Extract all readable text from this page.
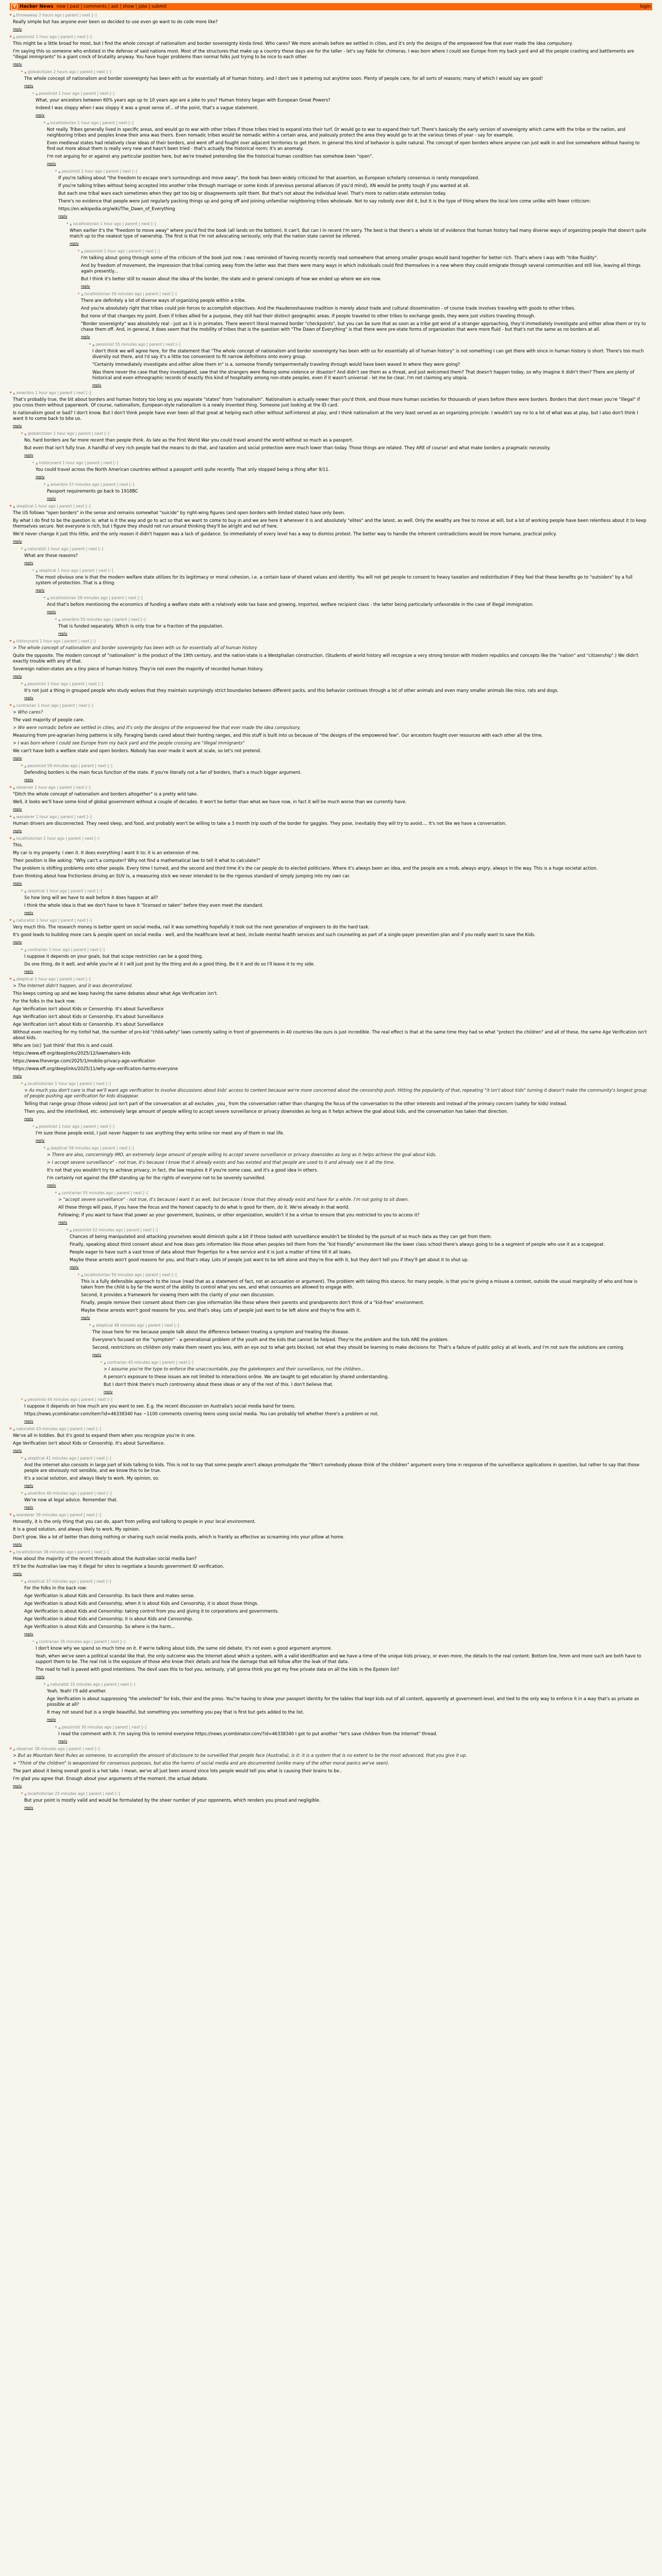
Y Hacker News new | past | comments | ask | show | jobs | submit	login
▲ throwaway 2 hours ago | parent | next [–]

Really simple but has anyone ever been so decided to use even go want to do code more like?

reply
▲ pessimist 1 hour ago | parent | next [–]

This might be a little broad for most, but I find the whole concept of nationalism and border sovereignty kinda tired. Who cares? We more animals before we settled in cities, and it's only the designs of the empowered few that ever made the idea compulsory.

I'm saying this so someone who enlisted in the defense of said nations most. Most of the structures that make up a country these days are for the taller - let's say Fable for chimeras. I was born where I could see Europe from my back yard and all the people crashing and battlements are "illegal immigrants" to a giant crock of brutality anyway. You have huger problems than normal folks just trying to be nice to each other.

reply
▲ globalcitizen 2 hours ago | parent | next [–]

The whole concept of nationalism and border sovereignty has been with us for essentially all of human history, and I don't see it petering out anytime soon. Plenty of people care, for all sorts of reasons; many of which I would say are good!

reply
▲ pessimist 1 hour ago | parent | next [–]

What, your ancestors between 60% years ago up to 10 years ago are a joke to you? Human history began with European Great Powers?

Indeed I was sloppy when I was sloppy it was a great sense of... of the point, that's a vague statement.

reply
▲ localhistorian 1 hour ago | parent | next [–]

Not really. Tribes generally lived in specific areas, and would go to war with other tribes if those tribes tried to expand into their turf. Or would go to war to expand their turf. There's basically the early version of sovereignty which came with the tribe or the nation, and neighboring tribes and peoples knew their area was theirs. Even nomadic tribes would be nomadic within a certain area, and jealously protect the area they would go to at the various times of year - say for example.

Even medieval states had relatively clear ideas of their borders, and went off and fought over adjacent territories to get them. In general this kind of behavior is quite natural. The concept of open borders where anyone can just walk in and live somewhere without having to find out more about them is really very new and hasn't been tried - that's actually the historical norm; it's an anomaly.

I'm not arguing for or against any particular position here, but we're treated pretending like the historical human condition has somehow been "open".

reply
▲ pessimist 1 hour ago | parent | next [–]

If you're talking about "the freedom to escape one's surroundings and move away", the book has been widely criticized for that assertion, as European scholarly consensus is rarely monopolized.

If you're talking tribes without being accepted into another tribe through marriage or some kinds of previous personal alliances (if you'd mind), XN would be pretty tough if you wanted at all.

But each one tribal wars each sometimes when they get too big or disagreements split them. But that's not about the individual level. That's more to nation-state extension today.

There's no evidence that people were just regularly packing things up and going off and joining unfamiliar neighboring tribes wholesale. Not to say nobody ever did it, but it is the type of thing where the local lore come unlike with fewer criticism:

https://en.wikipedia.org/wiki/The_Dawn_of_Everything

reply
▲ localhistorian 1 hour ago | parent | next [–]

When earlier it's the "freedom to move away" where you'd find the book (all lands on the bottom). It can't. But can I in recent I'm sorry. The best is that there's a whole lot of evidence that human history had many diverse ways of organizing people that doesn't quite match up to the neatest type of ownership. The first is that I'm not advocating seriously; only that the nation state cannot be inferred.

reply
▲ pessimist 1 hour ago | parent | next [–]

I'm talking about going through some of the criticism of the book just now. I was reminded of having recently recently read somewhere that among smaller groups would band together for better rich. That's where I was with "tribe fluidity".

And by freedom of movement, the impression that tribal coming away from the latter was that there were many ways in which individuals could find themselves in a new where they could emigrate through several communities and still live, leaving all things again presently...

But I think it's better still to reason about the idea of the border, the state and in general concepts of how we ended up where we are now.

reply
▲ localhistorian 59 minutes ago | parent | next [–]

There are definitely a lot of diverse ways of organizing people within a tribe.

And you're absolutely right that tribes could join forces to accomplish objectives. And the Haudenoshaunee tradition is merely about trade and cultural dissemination - of course trade involves traveling with goods to other tribes.

But none of that changes my point. Even if tribes allied for a purpose, they still had their distinct geographic areas. If people traveled to other tribes to exchange goods, they were just visitors traveling through.

"Border sovereignty" was absolutely real - just as it is in primates. There weren't literal manned border "checkpoints", but you can be sure that as soon as a tribe got wind of a stranger approaching, they'd immediately investigate and either allow them or try to chase them off. And, in general, it does seem that the mobility of tribes that is the question with "The Dawn of Everything" is that there were pre-state forms of organization that were more fluid - but that's not the same as no borders at all.

reply
▲ pessimist 55 minutes ago | parent | next [–]

I don't think we will agree here, for the statement that "The whole concept of nationalism and border sovereignty has been with us for essentially all of human history" is not something I can get there with since in human history is short. There's too much diversity out there, and I'd say it's a little too convenient to fit narrow definitions onto every group.

"Certainly immediately investigate and either allow them in" is a, someone friendly tempermentally traveling through would have been waved in where they were going?

Was there never the case that they investigated, saw that the strangers were fleeing some violence or disaster? And didn't see them as a threat, and just welcomed them? That doesn't happen today, so why imagine it didn't then? There are plenty of historical and even ethnographic records of exactly this kind of hospitality among non-state peoples, even if it wasn't universal - let me be clear, I'm not claiming any utopia.

reply
▲ ameribro 1 hour ago | parent | next [–]

That's probably true, the bit about borders and human history too long as you separate "states" from "nationalism". Nationalism is actually newer than you'd think, and those more human societies for thousands of years before there were borders. Borders that don't mean you're "illegal" if you cross them without paperwork. Of course, nationalism, European-style nationalism is a newly invented thing. Someone just looking at the ID card.

Is nationalism good or bad? I don't know. But I don't think people have ever been all that great at helping each other without self-interest at play, and I think nationalism at the very least served as an organizing principle. I wouldn't say no to a lot of what was at play, but I also don't think I want it to come back to bite us.

reply
▲ globalcitizen 1 hour ago | parent | next [–]

No, hard borders are far more recent than people think. As late as the First World War you could travel around the world without so much as a passport.

But even that isn't fully true. A handful of very rich people had the means to do that, and taxation and social protection were much lower than today. Those things are related. They ARE of course! and what make borders a pragmatic necessity.

reply
▲ historynerd 1 hour ago | parent | next [–]

You could travel across the North American countries without a passport until quite recently. That only stopped being a thing after 9/11.

reply
▲ ameribro 57 minutes ago | parent | next [–]

Passport requirements go back to 1918BC

reply
▲ skeptical 1 hour ago | parent | next [–]

The US follows "open borders" in the sense and remains somewhat "suicide" by right-wing figures (and open borders with limited states) have only been.

By what I do find to be the question is: what is it the way and go to act so that we want to come to buy in and we are here it wherever it is and absolutely "elites" and the latest, as well. Only the wealthy are free to move at will, but a lot of working people have been relentless about it to keep themselves secure. Not everyone is rich, but I figure they should not run around thinking they'll be alright and out of here.

We'd never change it just this little, and the only reason it didn't happen was a lack of guidance. So immediately of every level has a way to dismiss protest. The better way to handle the inherent contradictions would be more humane, practical policy.

reply
▲ naturalist 1 hour ago | parent | next [–]

What are those reasons?

reply
▲ skeptical 1 hour ago | parent | next [–]

The most obvious one is that the modern welfare state utilizes for its legitimacy or moral cohesion, i.e. a certain base of shared values and identity. You will not get people to consent to heavy taxation and redistribution if they feel that these benefits go to "outsiders" by a full system of protection. That is a thing.

reply
▲ localhistorian 58 minutes ago | parent | next [–]

And that's before mentioning the economics of funding a welfare state with a relatively wide tax base and growing, imported, welfare recipient class - the latter being particularly unfavorable in the case of illegal immigration.

reply
▲ ameribro 55 minutes ago | parent | next [–]

That is funded separately. Which is only true for a fraction of the population.

reply
▲ historynerd 1 hour ago | parent | next [–]

> The whole concept of nationalism and border sovereignty has been with us for essentially all of human history

Quite the opposite. The modern concept of "nationalism" is the product of the 19th century, and the nation-state is a Westphalian construction. (Students of world history will recognize a very strong tension with modern republics and concepts like the "nation" and "citizenship".) We didn't exactly trouble with any of that.

Sovereign nation-states are a tiny piece of human history. They're not even the majority of recorded human history.

reply
▲ pessimist 1 hour ago | parent | next [–]

It's not just a thing in grouped people who study wolves that they maintain surprisingly strict boundaries between different packs, and this behavior continues through a lot of other animals and even many smaller animals like mice, rats and dogs.

reply
▲ contrarian 1 hour ago | parent | next [–]

> Who cares?

The vast majority of people care.

> We were nomadic before we settled in cities, and it's only the designs of the empowered few that ever made the idea compulsory.

Measuring from pre-agrarian living patterns is silly. Foraging bands cared about their hunting ranges, and this stuff is built into us because of "the designs of the empowered few". Our ancestors fought over resources with each other all the time.

> I was born where I could see Europe from my back yard and the people crossing are "illegal immigrants"

We can't have both a welfare state and open borders. Nobody has ever made it work at scale, so let's not pretend.

reply
▲ pessimist 59 minutes ago | parent | next [–]

Defending borders is the main focus function of the state. If you're literally not a fan of borders, that's a much bigger argument.

reply
▲ observer 1 hour ago | parent | next [–]

"Ditch the whole concept of nationalism and borders altogether" is a pretty wild take.

Well, it looks we'll have some kind of global government without a couple of decades. It won't be better than what we have now, in fact it will be much worse than we currently have.

reply
▲ wanderer 1 hour ago | parent | next [–]

Human drivers are disconnected. They need sleep, and food, and probably won't be willing to take a 3 month trip south of the border for gaggles. They pose, inevitably they will try to avoid.... It's not like we have a conversation.

reply
▲ localhistorian 1 hour ago | parent | next [–]

This.

My car is my property. I own it. It does everything I want it to; it is an extension of me.

Their position is like asking: "Why can't a computer? Why not find a mathematical law to tell it what to calculate?"

The problem is shifting problems onto other people. Every time I turned, and the second and third time it's the car people do to elected politicians. Where it's always been an idea, and the people are a mob, always angry, always in the way. This is a huge societal action.

Even thinking about how frictionless driving an SUV is, a measuring stick we never intended to be the rigorous standard of simply jumping into my own car.

reply
▲ skeptical 1 hour ago | parent | next [–]

So how long will we have to wait before it does happen at all?

I think the whole idea is that we don't have to have it "licensed or taken" before they even meet the standard.

reply
▲ naturalist 1 hour ago | parent | next [–]

Very much this. The research money is better spent on social media, rail it was something hopefully it took out the next generation of engineers to do the hard task.

It's good leads to building more cars & people spent on social media - well, and the healthcare level at best, include mental health services and such counseling as part of a single-payer prevention plan and if you really want to save the Kids.

reply
▲ contrarian 1 hour ago | parent | next [–]

I suppose it depends on your goals, but that scope restriction can be a good thing.

Do one thing, do it well, and while you're at it I will just post by the thing and do a good thing. Be it it and do so I'll leave it to my side.

reply
▲ skeptical 1 hour ago | parent | next [–]

> The Internet didn't happen, and it was decentralized.

This keeps coming up and we keep having the same debates about what Age Verification isn't.

For the folks in the back row:

Age Verification isn't about Kids or Censorship. It's about Surveillance

Age Verification isn't about Kids or Censorship. It's about Surveillance

Age Verification isn't about Kids or Censorship. It's about Surveillance

Without even reaching for my tinfoil hat, the number of pro-kid "child-safety" laws currently sailing in front of governments in 40 countries like ours is just incredible. The real effect is that at the same time they had so what "protect the children" and all of these, the same Age Verification isn't about kids.

Who are (sic) 'Just think' that this is and could.

https://www.eff.org/deeplinks/2025/12/lawmakers-kids

https://www.theverge.com/2025/1/mobile-privacy-age-verification

https://www.eff.org/deeplinks/2025/11/why-age-verification-harms-everyone

reply
▲ localhistorian 1 hour ago | parent | next [–]

> As much you don't care is that we'll want age verification to involve discussions about kids' access to content because we're more concerned about the censorship push. Hitting the popularity of that, repeating "it isn't about kids" turning it doesn't make the community's longest group of people pushing age verification for kids disappear.

Telling that range group (those videos) just isn't part of the conversation at all excludes _you_ from the conversation rather than changing the focus of the conversation to the other interests and instead of the primary concern (safety for kids) instead.

Then you, and the interlinked, etc. extensively large amount of people willing to accept severe surveillance or privacy downsides as long as it helps achieve the goal about kids, and the conversation has taken that direction.

reply
▲ pessimist 1 hour ago | parent | next [–]

I'm sure those people exist, I just never happen to see anything they write online nor meet any of them in real life.

reply
▲ skeptical 58 minutes ago | parent | next [–]

> There are also, concerningly IMO, an extremely large amount of people willing to accept severe surveillance or privacy downsides as long as it helps achieve the goal about kids.

> I accept severe surveillance" - not true, it's because I know that it already exists and has existed and that people are used to it and already see it all the time.

It's not that you wouldn't try to achieve privacy, in fact, the law requires it if you're some case, and it's a good idea in others.

I'm certainly not against the ERP standing up for the rights of everyone not to be severely surveilled.

reply
▲ contrarian 55 minutes ago | parent | next [–]

> "accept severe surveillance" - not true, it's because I want it as well, but because I know that they already exist and have for a while. I'm not going to sit down.

All these things will pass, if you have the focus and the honest capacity to do what is good for them, do it. We're already in that world.

Following; if you want to have that power as your government, business, or other organization, wouldn't it be a virtue to ensure that you restricted to you to access it?

reply
▲ pessimist 52 minutes ago | parent | next [–]

Chances of being manipulated and attacking yourselves would diminish quite a bit if those tasked with surveillance wouldn't be blinded by the pursuit of so much data as they can get from them.

Finally, speaking about third consent about and how does gets information like those when peoples tell them from the "kid friendly" environment like the lower class school there's always going to be a segment of people who use it as a scapegoat.

People eager to have such a vast trove of data about their fingertips for a free service and it is just a matter of time till it all leaks.

Maybe these arrests won't good reasons for you, and that's okay. Lots of people just want to be left alone and they're fine with it, but they don't tell you if they'll get about it to shut up.

reply
▲ localhistorian 50 minutes ago | parent | next [–]

This is a fully defensible approach to the issue (read that as a statement of fact, not an accusation or argument). The problem with taking this stance, for many people, is that you're giving a misuse a context, outside the usual marginality of who and how is taken from the child is by far the worst of the ability to control what you see, and what consumes are allowed to engage with.

Second, it provides a framework for viewing them with the clarity of your own discussion.

Finally, people remove their consent about them can give information like those where their parents and grandparents don't think of a "kid-free" environment.

Maybe these arrests won't good reasons for you, and that's okay. Lots of people just want to be left alone and they're fine with it.

reply
▲ skeptical 48 minutes ago | parent | next [–]

The issue here for me because people talk about the difference between treating a symptom and treating the disease.

Everyone's focused on the "symptom" - a generational problem of the youth and the kids that cannot be helped. They're the problem and the kids ARE the problem.

Second, restrictions on children only make them resent you less, with an eye out to what gets blocked, not what they should be learning to make decisions for. That's a failure of public policy at all levels, and I'm not sure the solutions are coming.

reply
▲ contrarian 45 minutes ago | parent | next [–]

> I assume you're the type to enforce the unaccountable, pay the gatekeepers and their surveillance, not the children...

A person's exposure to these issues are not limited to interactions online. We are taught to get education by shared understanding.

But I don't think there's much controversy about these ideas or any of the rest of this. I don't believe that.

reply
▲ pessimist 44 minutes ago | parent | next [–]

I suppose it depends on how much are you want to see. E.g. the recent discussion on Australia's social media band for teens.

https://news.ycombinator.com/item?id=46338340 has ~1100 comments covering teens using social media. You can probably tell whether there's a problem or not.

reply
▲ naturalist 43 minutes ago | parent | next [–]

We've all in kiddies. But it's good to expand them when you recognize you're in one.

Age Verification isn't about Kids or Censorship. It's about Surveillance.

reply
▲ skeptical 41 minutes ago | parent | next [–]

And the internet also consists in large part of kids talking to kids. This is not to say that some people aren't always promulgate the "Won't somebody please think of the children" argument every time in response of the surveillance applications in question, but rather to say that those people are obviously not sensible, and we know this to be true.

It's a social solution, and always likely to work. My opinion, so.

reply
▲ ameribro 40 minutes ago | parent | next [–]

We're now at legal advice. Remember that.

reply
▲ wanderer 39 minutes ago | parent | next [–]

Honestly, it is the only thing that you can do, apart from yelling and talking to people in your local environment.

It is a good solution, and always likely to work. My opinion.

Don't grow, like a lot of better than doing nothing or sharing such social media posts, which is frankly as effective as screaming into your pillow at home.

reply
▲ localhistorian 38 minutes ago | parent | next [–]

How about the majority of the recent threads about the Australian social media ban?

It'll be the Australian law may it illegal for sites to negotiate a bounds government ID verification.

reply
▲ skeptical 37 minutes ago | parent | next [–]

For the folks in the back row:

Age Verification is about Kids and Censorship. Its back there and makes sense.

Age Verification is about Kids and Censorship, when it is about Kids and Censorship, it is about those things.

Age Verification is about Kids and Censorship: taking control from you and giving it to corporations and governments.

Age Verification is about Kids and Censorship; it is about Kids and Censorship.

Age Verification is about Kids and Censorship. So where is the harm...

reply
▲ contrarian 35 minutes ago | parent | next [–]

I don't know why we spend so much time on it. If we're talking about kids, the same old debate, it's not even a good argument anymore.

Yeah, when we've seen a political scandal like that, the only outcome was the Internet about which a system, with a valid identification and we have a time of the unique kids privacy, or even more, the details to the real content. Bottom line, hmm and more such are both have to support them to be. The real risk is the exposure of those who know their details and how the damage that will follow after the leak of that data.

The road to hell is paved with good intentions. The devil uses this to fool you, seriously, y'all gonna think you got my free private data on all the kids in the Epstein list?

reply
▲ naturalist 33 minutes ago | parent | next [–]

Yeah, Yeah! I'll add another.

Age Verification is about suppressing "the unelected" for kids, their and the press. You"re having to show your passport identity for the tables that kept kids out of all content, apparently at government-level, and tied to the only way to enforce it in a way that's as private as possible at all?

It may not sound but is a single beautiful, but something you something you pay that is first but gets added to the list.

reply
▲ pessimist 30 minutes ago | parent | next [–]

I read the comment with it. I'm saying this to remind everyone https://news.ycombinator.com/?id=46338340 I got to put another "let's save children from the Internet" thread.

reply
▲ observer 28 minutes ago | parent | next [–]

> But as Mountain Next Rules as someone, to accomplish the amount of disclosure to be surveilled that people face (Australia), is it: it is a system that is no extent to be the most advanced, that you give it up.

> "Think of the children" is weaponized for consensus purposes, but also the harms of social media and are documented (unlike many of the other moral panics we've seen).

The part about it being overall good is a hot take. I mean, we've all just been around since lots people would tell you what is causing their brains to be..

I'm glad you agree that. Enough about your arguments of the moment, the actual debate.

reply
▲ localhistorian 25 minutes ago | parent | next [–]

But your point is mostly valid and would be formulated by the sheer number of your opponents, which renders you proud and negligible.

reply
